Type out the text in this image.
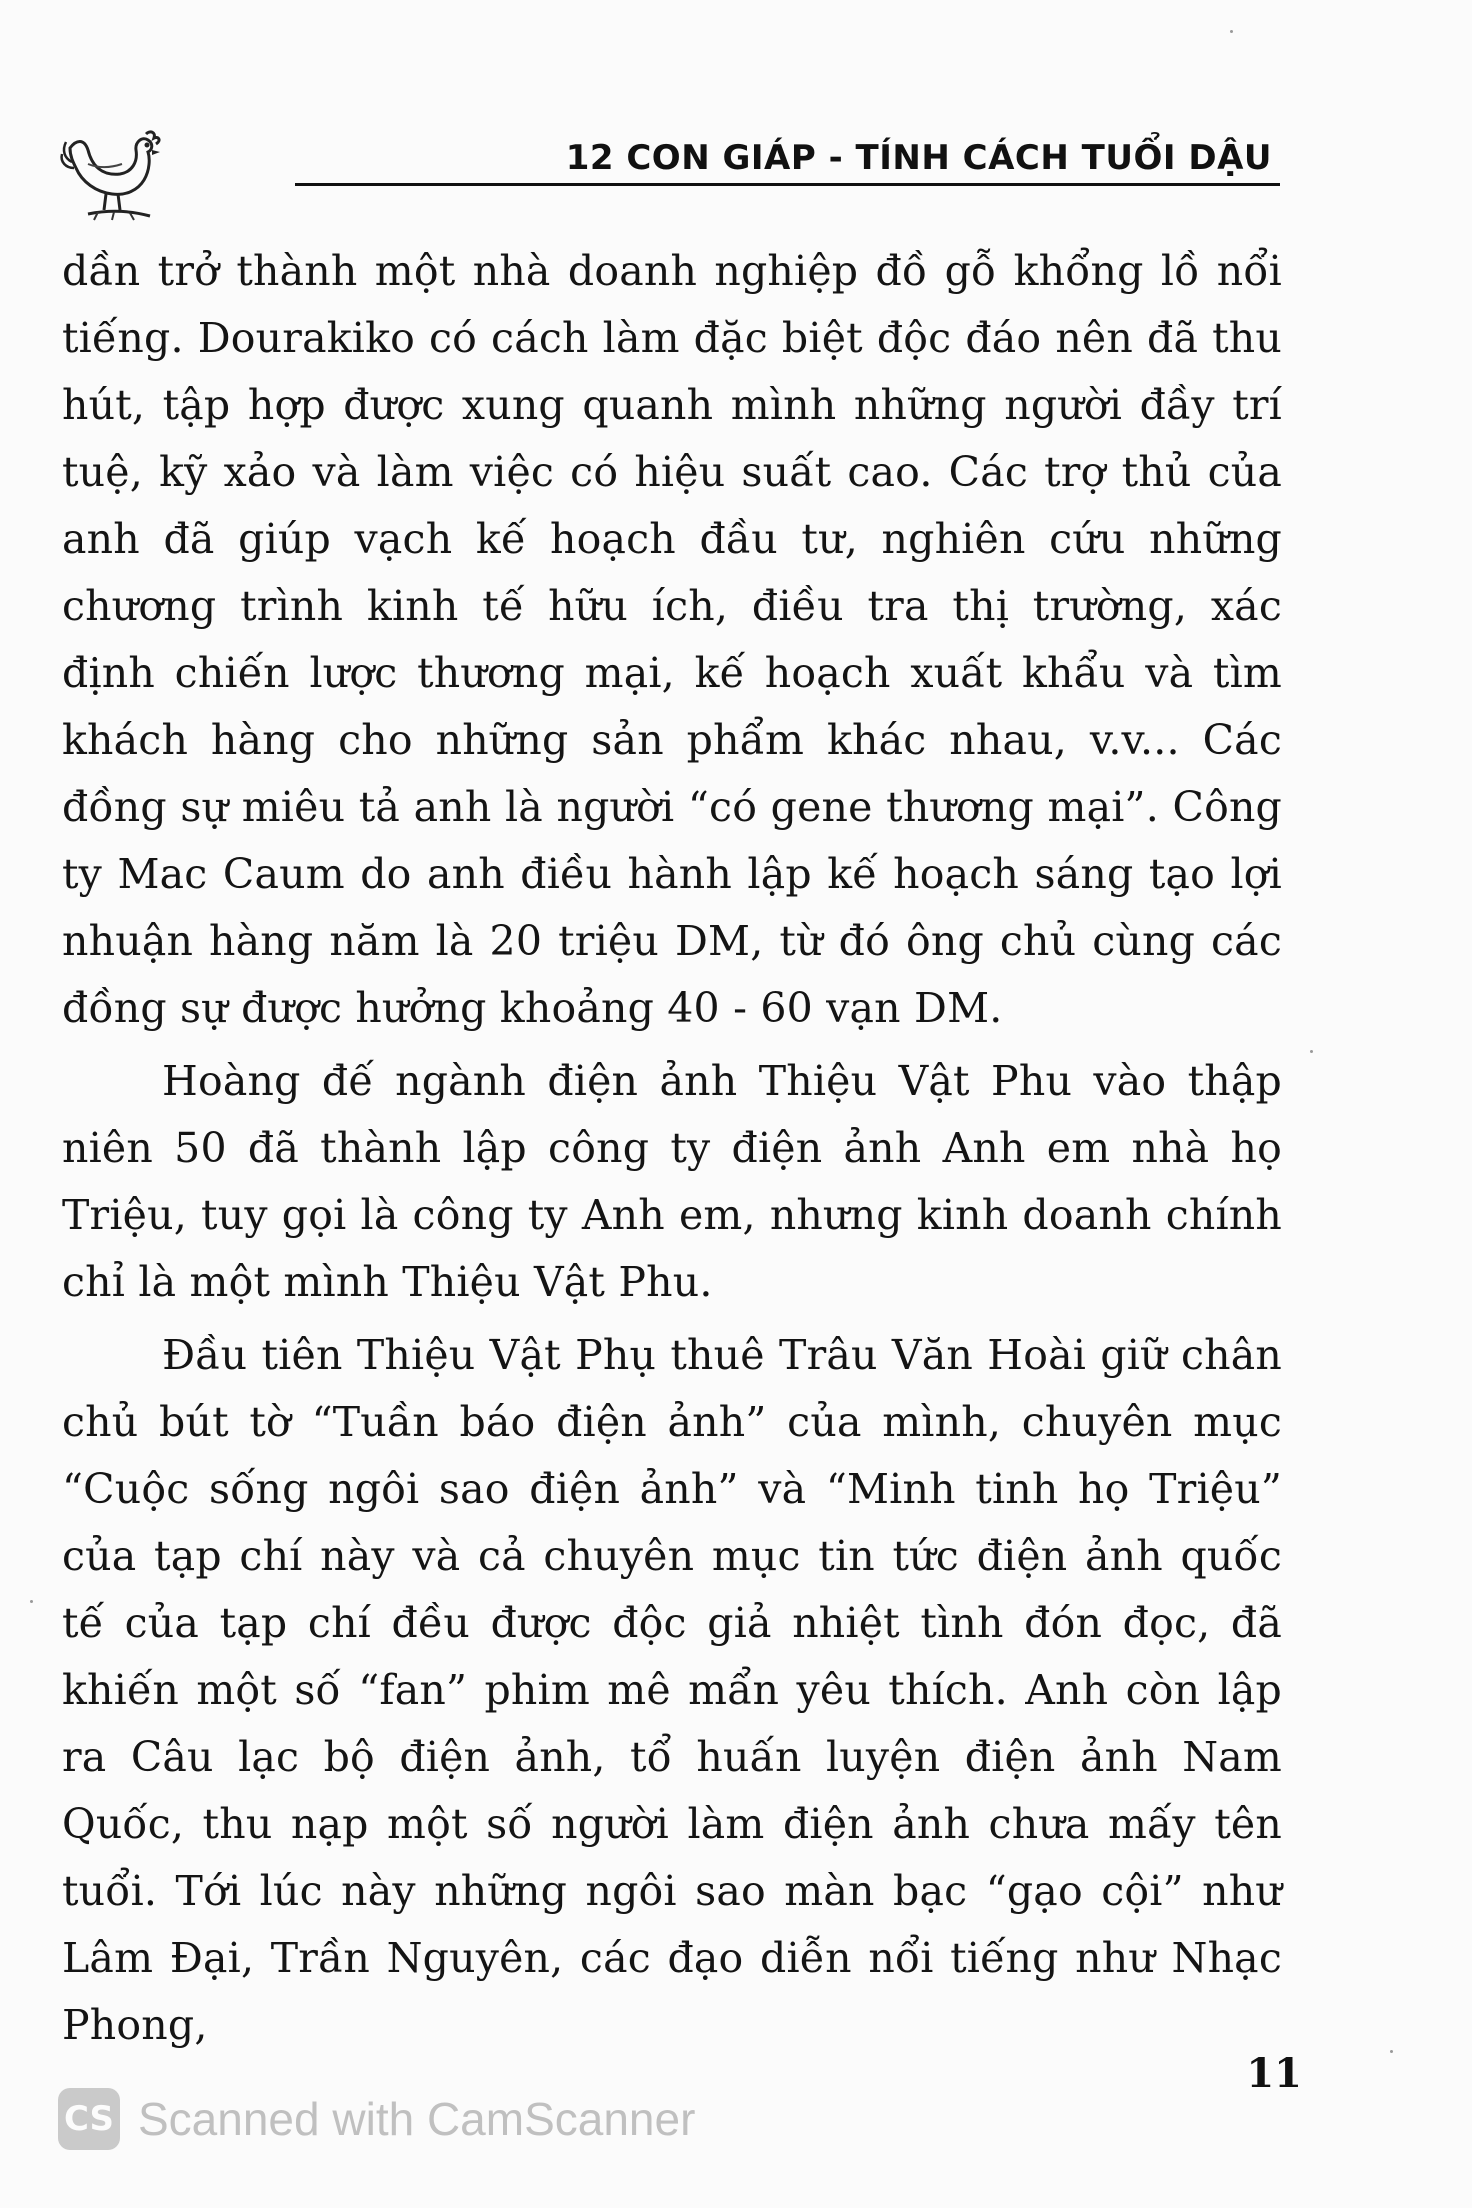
12 CON GIÁP - TÍNH CÁCH TUỔI DẬU

dần trở thành một nhà doanh nghiệp đồ gỗ khổng lồ nổi tiếng. Dourakiko có cách làm đặc biệt độc đáo nên đã thu hút, tập hợp được xung quanh mình những người đầy trí tuệ, kỹ xảo và làm việc có hiệu suất cao. Các trợ thủ của anh đã giúp vạch kế hoạch đầu tư, nghiên cứu những chương trình kinh tế hữu ích, điều tra thị trường, xác định chiến lược thương mại, kế hoạch xuất khẩu và tìm khách hàng cho những sản phẩm khác nhau, v.v... Các đồng sự miêu tả anh là người “có gene thương mại”. Công ty Mac Caum do anh điều hành lập kế hoạch sáng tạo lợi nhuận hàng năm là 20 triệu DM, từ đó ông chủ cùng các đồng sự được hưởng khoảng 40 - 60 vạn DM.

Hoàng đế ngành điện ảnh Thiệu Vật Phu vào thập niên 50 đã thành lập công ty điện ảnh Anh em nhà họ Triệu, tuy gọi là công ty Anh em, nhưng kinh doanh chính chỉ là một mình Thiệu Vật Phu.

Đầu tiên Thiệu Vật Phụ thuê Trâu Văn Hoài giữ chân chủ bút tờ “Tuần báo điện ảnh” của mình, chuyên mục “Cuộc sống ngôi sao điện ảnh” và “Minh tinh họ Triệu” của tạp chí này và cả chuyên mục tin tức điện ảnh quốc tế của tạp chí đều được độc giả nhiệt tình đón đọc, đã khiến một số “fan” phim mê mẩn yêu thích. Anh còn lập ra Câu lạc bộ điện ảnh, tổ huấn luyện điện ảnh Nam Quốc, thu nạp một số người làm điện ảnh chưa mấy tên tuổi. Tới lúc này những ngôi sao màn bạc “gạo cội” như Lâm Đại, Trần Nguyên, các đạo diễn nổi tiếng như Nhạc Phong,

11
CS Scanned with CamScanner
